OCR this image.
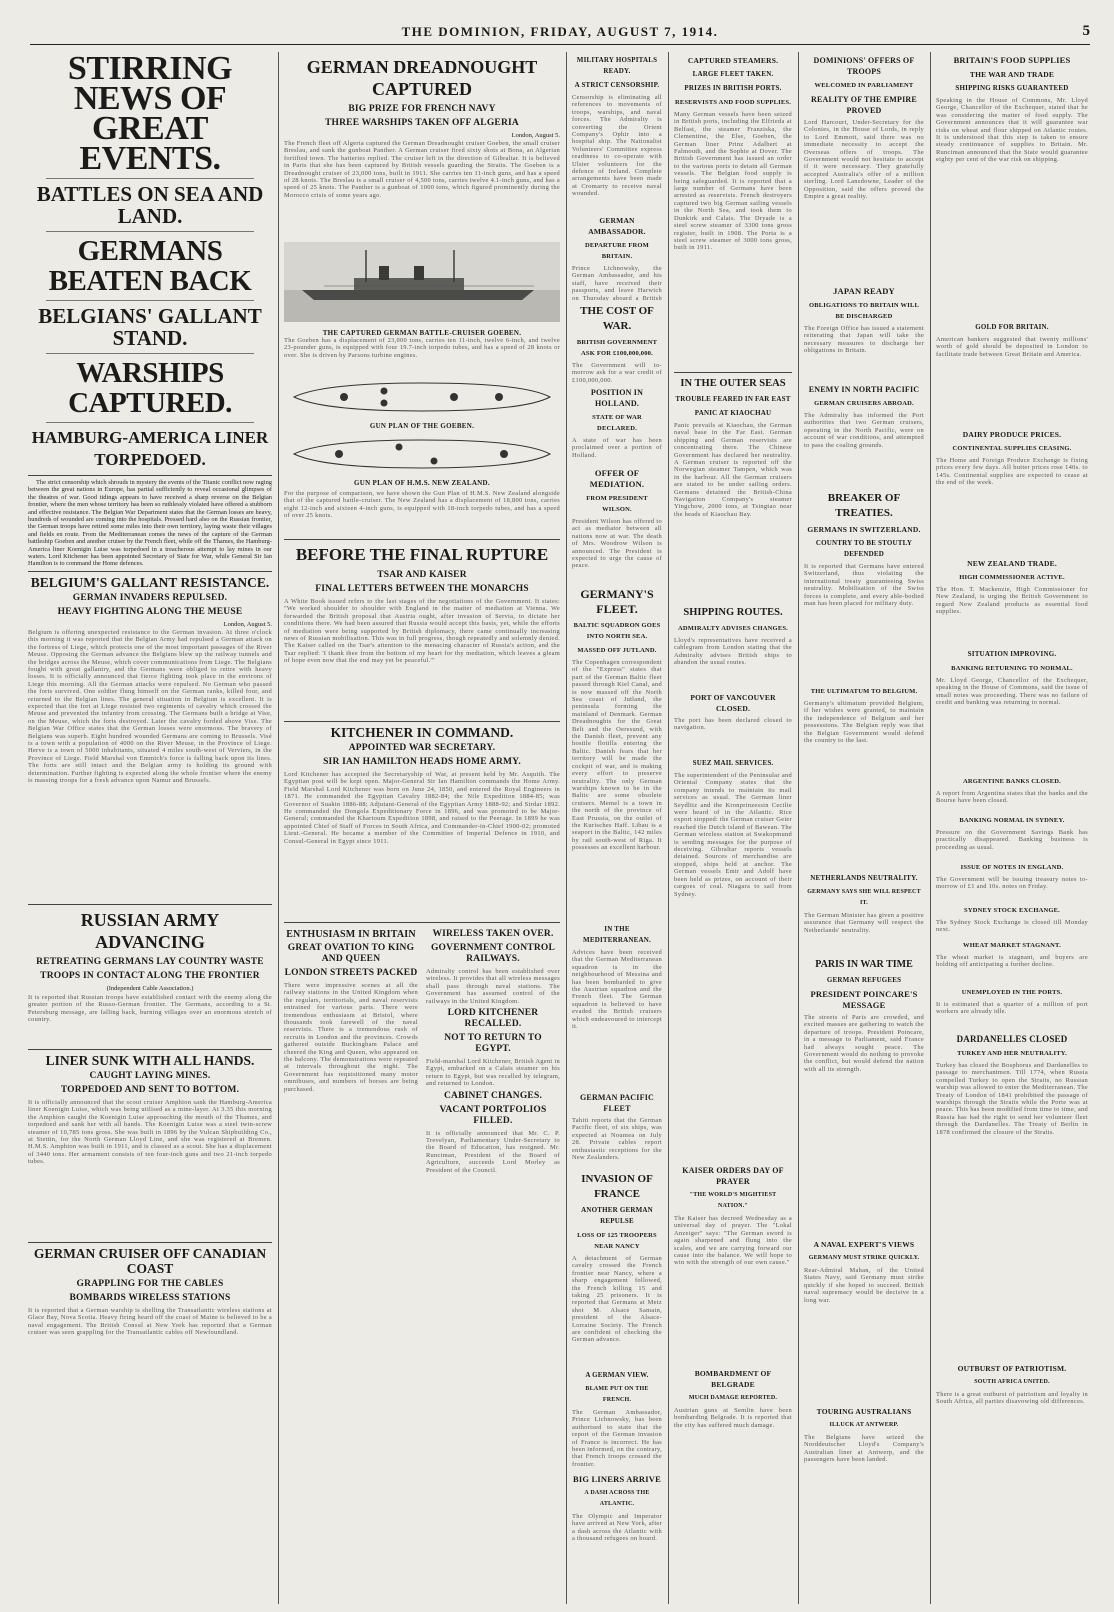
THE DOMINION, FRIDAY, AUGUST 7, 1914.	5
STIRRING NEWS OF GREAT EVENTS.
BATTLES ON SEA AND LAND.
GERMANS BEATEN BACK
BELGIANS' GALLANT STAND.
WARSHIPS CAPTURED.
HAMBURG-AMERICA LINER TORPEDOED.

The strict censorship which shrouds in mystery the events of the Titanic conflict now raging between the great nations in Europe, has partial sufficiently to reveal occasional glimpses of the theatres of war. Good tidings appears to have received a sharp reverse on the Belgian frontier, where the men whose territory has been so ruthlessly violated have offered a stubborn and effective resistance. The Belgian War Department states that the German losses are heavy, hundreds of wounded are coming into the hospitals. Pressed hard also on the Russian frontier, the German troops have retired some miles into their own territory, laying waste their villages and fields en route. From the Mediterranean comes the news of the capture of the German battleship Goeben and another cruiser by the French fleet, while off the Thames, the Hamburg-America liner Koenigin Luise was torpedoed in a treacherous attempt to lay mines in our waters. Lord Kitchener has been appointed Secretary of State for War, while General Sir Ian Hamilton is to command the Home defences.

BELGIUM'S GALLANT RESISTANCE.
GERMAN INVADERS REPULSED.
HEAVY FIGHTING ALONG THE MEUSE
London, August 5.
Belgium is offering unexpected resistance to the German invasion. At three o'clock this morning it was reported that the Belgian Army had repulsed a German attack on the fortress of Liege, which protects one of the most important passages of the River Meuse. Opposing the German advance the Belgians blew up the railway tunnels and the bridges across the Meuse, which cover communications from Liege. The Belgians fought with great gallantry, and the Germans were obliged to retire with heavy losses. It is officially announced that fierce fighting took place in the environs of Liege this morning. All the German attacks were repulsed. No German who passed the forts survived. One soldier flung himself on the German ranks, killed four, and returned to the Belgian lines. The general situation in Belgium is excellent. It is expected that the fort at Liege resisted two regiments of cavalry which crossed the Meuse and prevented the infantry from crossing. The Germans built a bridge at Vise, on the Meuse, which the forts destroyed. Later the cavalry forded above Vise. The Belgian War Office states that the German losses were enormous. The bravery of Belgians was superb. Eight hundred wounded Germans are coming to Brussels. Visé is a town with a population of 4000 on the River Meuse, in the Province of Liege. Herve is a town of 5000 inhabitants, situated 4 miles south-west of Verviers, in the Province of Liege. Field Marshal von Emmich's force is falling back upon its lines. The forts are still intact and the Belgian army is holding its ground with determination. Further fighting is expected along the whole frontier where the enemy is massing troops for a fresh advance upon Namur and Brussels.
RUSSIAN ARMY ADVANCING
RETREATING GERMANS LAY COUNTRY WASTE
TROOPS IN CONTACT ALONG THE FRONTIER
(Independent Cable Association.)
It is reported that Russian troops have established contact with the enemy along the greater portion of the Russo-German frontier. The Germans, according to a St. Petersburg message, are falling back, burning villages over an enormous stretch of country.
LINER SUNK WITH ALL HANDS.
CAUGHT LAYING MINES.
TORPEDOED AND SENT TO BOTTOM.
It is officially announced that the scout cruiser Amphion sank the Hamburg-America liner Koenigin Luise, which was being utilised as a mine-layer. At 3.35 this morning the Amphion caught the Koenigin Luise approaching the mouth of the Thames, and torpedoed and sank her with all hands. The Koenigin Luise was a steel twin-screw steamer of 10,785 tons gross. She was built in 1896 by the Vulcan Shipbuilding Co., at Stettin, for the North German Lloyd Line, and she was registered at Bremen. H.M.S. Amphion was built in 1911, and is classed as a scout. She has a displacement of 3440 tons. Her armament consists of ten four-inch guns and two 21-inch torpedo tubes.
GERMAN CRUISER OFF CANADIAN COAST
GRAPPLING FOR THE CABLES
BOMBARDS WIRELESS STATIONS
It is reported that a German warship is shelling the Transatlantic wireless stations at Glace Bay, Nova Scotia. Heavy firing heard off the coast of Maine is believed to be a naval engagement. The British Consul at New York has reported that a German cruiser was seen grappling for the Transatlantic cables off Newfoundland.
GERMAN DREADNOUGHT CAPTURED
BIG PRIZE FOR FRENCH NAVY
THREE WARSHIPS TAKEN OFF ALGERIA
London, August 5.
The French fleet off Algeria captured the German Dreadnought cruiser Goeben, the small cruiser Breslau, and sank the gunboat Panther. A German cruiser fired sixty shots at Bona, an Algerian fortified town. The batteries replied. The cruiser left in the direction of Gibraltar. It is believed in Paris that she has been captured by British vessels guarding the Straits. The Goeben is a Dreadnought cruiser of 23,000 tons, built in 1911. She carries ten 11-inch guns, and has a speed of 28 knots. The Breslau is a small cruiser of 4,500 tons, carries twelve 4.1-inch guns, and has a speed of 25 knots. The Panther is a gunboat of 1000 tons, which figured prominently during the Morocco crisis of some years ago.
THE CAPTURED GERMAN BATTLE-CRUISER GOEBEN.
The Goeben has a displacement of 23,000 tons, carries ten 11-inch, twelve 6-inch, and twelve 23-pounder guns, is equipped with four 19.7-inch torpedo tubes, and has a speed of 28 knots or over. She is driven by Parsons turbine engines.
GUN PLAN OF THE GOEBEN.
GUN PLAN OF H.M.S. NEW ZEALAND.
For the purpose of comparison, we have shown the Gun Plan of H.M.S. New Zealand alongside that of the captured battle-cruiser. The New Zealand has a displacement of 18,800 tons, carries eight 12-inch and sixteen 4-inch guns, is equipped with 18-inch torpedo tubes, and has a speed of over 25 knots.
BEFORE THE FINAL RUPTURE
TSAR AND KAISER
FINAL LETTERS BETWEEN THE MONARCHS
A White Book issued refers to the last stages of the negotiations of the Government. It states: "We worked shoulder to shoulder with England in the matter of mediation at Vienna. We forwarded the British proposal that Austria ought, after invasion of Servia, to dictate her conditions there. We had been assured that Russia would accept this basis, yet, while the efforts of mediation were being supported by British diplomacy, there came continually increasing news of Russian mobilisation. This was in full progress, though repeatedly and solemnly denied. The Kaiser called on the Tsar's attention to the menacing character of Russia's action, and the Tsar replied: 'I thank thee from the bottom of my heart for thy mediation, which leaves a gleam of hope even now that the end may yet be peaceful.'"
KITCHENER IN COMMAND.
APPOINTED WAR SECRETARY.
SIR IAN HAMILTON HEADS HOME ARMY.
Lord Kitchener has accepted the Secretaryship of War, at present held by Mr. Asquith. The Egyptian post will be kept open. Major-General Sir Ian Hamilton commands the Home Army. Field Marshal Lord Kitchener was born on June 24, 1850, and entered the Royal Engineers in 1871. He commanded the Egyptian Cavalry 1882-84; the Nile Expedition 1884-85; was Governor of Suakin 1886-88; Adjutant-General of the Egyptian Army 1888-92; and Sirdar 1892. He commanded the Dongola Expeditionary Force in 1896, and was promoted to be Major-General; commanded the Khartoum Expedition 1898, and raised to the Peerage. In 1899 he was appointed Chief of Staff of Forces in South Africa, and Commander-in-Chief 1900-02; promoted Lieut.-General. He became a member of the Committee of Imperial Defence in 1910, and Consul-General in Egypt since 1911.
ENTHUSIASM IN BRITAIN
GREAT OVATION TO KING AND QUEEN
LONDON STREETS PACKED
There were impressive scenes at all the railway stations in the United Kingdom when the regulars, territorials, and naval reservists entrained for various parts. There were tremendous enthusiasm at Bristol, where thousands took farewell of the naval reservists. There is a tremendous rush of recruits in London and the provinces. Crowds gathered outside Buckingham Palace and cheered the King and Queen, who appeared on the balcony. The demonstrations were repeated at intervals throughout the night. The Government has requisitioned many motor omnibuses, and numbers of horses are being purchased.
WIRELESS TAKEN OVER.
GOVERNMENT CONTROL RAILWAYS.
Admiralty control has been established over wireless. It provides that all wireless messages shall pass through naval stations. The Government has assumed control of the railways in the United Kingdom.
LORD KITCHENER RECALLED.
NOT TO RETURN TO EGYPT.
Field-marshal Lord Kitchener, British Agent in Egypt, embarked on a Calais steamer on his return to Egypt, but was recalled by telegram, and returned to London.
CABINET CHANGES.
VACANT PORTFOLIOS FILLED.
It is officially announced that Mr. C. P. Trevelyan, Parliamentary Under-Secretary to the Board of Education, has resigned. Mr. Runciman, President of the Board of Agriculture, succeeds Lord Morley as President of the Council.
MILITARY HOSPITALS READY.
A STRICT CENSORSHIP.
Censorship is eliminating all references to movements of troops, warships, and naval forces. The Admiralty is converting the Orient Company's Ophir into a hospital ship. The Nationalist Volunteers' Committee express readiness to co-operate with Ulster volunteers for the defence of Ireland. Complete arrangements have been made at Cromarty to receive naval wounded.
GERMAN AMBASSADOR.
DEPARTURE FROM BRITAIN.
Prince Lichnowsky, the German Ambassador, and his staff, have received their passports, and leave Harwich on Thursday aboard a British
THE COST OF WAR.
BRITISH GOVERNMENT ASK FOR £100,000,000.
The Government will to-morrow ask for a war credit of £100,000,000.
POSITION IN HOLLAND.
STATE OF WAR DECLARED.
A state of war has been proclaimed over a portion of Holland.
OFFER OF MEDIATION.
FROM PRESIDENT WILSON.
President Wilson has offered to act as mediator between all nations now at war. The death of Mrs. Woodrow Wilson is announced. The President is expected to urge the cause of peace.
GERMANY'S FLEET.
BALTIC SQUADRON GOES INTO NORTH SEA.
MASSED OFF JUTLAND.
The Copenhagen correspondent of the "Express" states that part of the German Baltic fleet passed through Kiel Canal, and is now massed off the North Sea coast of Jutland, the peninsula forming the mainland of Denmark. German Dreadnoughts for the Great Belt and the Oeresund, with the Danish fleet, prevent any hostile flotilla entering the Baltic. Danish fears that her territory will be made the cockpit of war, and is making every effort to preserve neutrality. The only German warships known to be in the Baltic are some obsolete cruisers. Memel is a town in the north of the province of East Prussia, on the outlet of the Kurisches Haff. Libau is a seaport in the Baltic, 142 miles by rail south-west of Riga. It possesses an excellent harbour.
IN THE MEDITERRANEAN.
Advices have been received that the German Mediterranean squadron is in the neighbourhood of Messina and has been bombarded to give the Austrian squadron and the French fleet. The German squadron is believed to have evaded the British cruisers which endeavoured to intercept it.
GERMAN PACIFIC FLEET
Tahiti reports that the German Pacific fleet, of six ships, was expected at Noumea on July 28. Private cables report enthusiastic receptions for the New Zealanders.
INVASION OF FRANCE
ANOTHER GERMAN REPULSE
LOSS OF 125 TROOPERS NEAR NANCY
A detachment of German cavalry crossed the French frontier near Nancy, where a sharp engagement followed, the French killing 15 and taking 25 prisoners. It is reported that Germans at Metz shot M. Alsace Samain, president of the Alsace-Lorraine Society. The French are confident of checking the German advance.
A GERMAN VIEW.
BLAME PUT ON THE FRENCH.
The German Ambassador, Prince Lichnowsky, has been authorised to state that the report of the German invasion of France is incorrect. He has been informed, on the contrary, that French troops crossed the frontier.
BIG LINERS ARRIVE
A DASH ACROSS THE ATLANTIC.
The Olympic and Imperator have arrived at New York, after a dash across the Atlantic with a thousand refugees on board.
CAPTURED STEAMERS.
LARGE FLEET TAKEN.
PRIZES IN BRITISH PORTS.
RESERVISTS AND FOOD SUPPLIES.
Many German vessels have been seized in British ports, including the Elfrieda at Belfast, the steamer Franziska, the Clementine, the Else, Goeben, the German liner Prinz Adalbert at Falmouth, and the Sophie at Dover. The British Government has issued an order to the various ports to detain all German vessels. The Belgian food supply is being safeguarded. It is reported that a large number of Germans have been arrested as reservists. French destroyers captured two big German sailing vessels in the North Sea, and took them to Dunkirk and Calais. The Dryade is a steel screw steamer of 3300 tons gross register, built in 1908. The Porta is a steel screw steamer of 3000 tons gross, built in 1911.
IN THE OUTER SEAS
TROUBLE FEARED IN FAR EAST
PANIC AT KIAOCHAU
Panic prevails at Kiaochau, the German naval base in the Far East. German shipping and German reservists are concentrating there. The Chinese Government has declared her neutrality. A German cruiser is reported off the Norwegian steamer Tampen, which was in the harbour. All the German cruisers are stated to be under sailing orders. Germans detained the British-China Navigation Company's steamer Yingchow, 2000 tons, at Tsingtao near the heads of Kiaochau Bay.
SHIPPING ROUTES.
ADMIRALTY ADVISES CHANGES.
Lloyd's representatives have received a cablegram from London stating that the Admiralty advises British ships to abandon the usual routes.
PORT OF VANCOUVER CLOSED.
The port has been declared closed to navigation.
SUEZ MAIL SERVICES.
The superintendent of the Peninsular and Oriental Company states that the company intends to maintain its mail services as usual. The German liner Seydlitz and the Kronprinzessin Cecilie were heard of in the Atlantic. Rice export stopped: the German cruiser Geier reached the Dutch island of Bawean. The German wireless station at Swakopmund is sending messages for the purpose of deceiving. Gibraltar reports vessels detained. Sources of merchandise are stopped, ships held at anchor. The German vessels Emir and Adolf have been held as prizes, on account of their cargoes of coal. Niagara to sail from Sydney.
KAISER ORDERS DAY OF PRAYER
"THE WORLD'S MIGHTIEST NATION."
The Kaiser has decreed Wednesday as a universal day of prayer. The "Lokal Anzeiger" says: "The German sword is again sharpened and flung into the scales, and we are carrying forward our cause into the balance. We will hope to win with the strength of our own cause."
BOMBARDMENT OF BELGRADE
MUCH DAMAGE REPORTED.
Austrian guns at Semlin have been bombarding Belgrade. It is reported that the city has suffered much damage.
DOMINIONS' OFFERS OF TROOPS
WELCOMED IN PARLIAMENT
REALITY OF THE EMPIRE PROVED
Lord Harcourt, Under-Secretary for the Colonies, in the House of Lords, in reply to Lord Emmott, said there was no immediate necessity to accept the Overseas offers of troops. The Government would not hesitate to accept if it were necessary. They gratefully accepted Australia's offer of a million sterling. Lord Lansdowne, Leader of the Opposition, said the offers proved the Empire a great reality.
JAPAN READY
OBLIGATIONS TO BRITAIN WILL BE DISCHARGED
The Foreign Office has issued a statement reiterating that Japan will take the necessary measures to discharge her obligations to Britain.
ENEMY IN NORTH PACIFIC
GERMAN CRUISERS ABROAD.
The Admiralty has informed the Port authorities that two German cruisers, operating in the North Pacific, were on account of war conditions, and attempted to pass the coaling grounds.
BREAKER OF TREATIES.
GERMANS IN SWITZERLAND.
COUNTRY TO BE STOUTLY DEFENDED
It is reported that Germans have entered Switzerland, thus violating the international treaty guaranteeing Swiss neutrality. Mobilisation of the Swiss forces is complete, and every able-bodied man has been placed for military duty.
THE ULTIMATUM TO BELGIUM.
Germany's ultimatum provided Belgium, if her wishes were granted, to maintain the independence of Belgium and her possessions. The Belgian reply was that the Belgian Government would defend the country to the last.
NETHERLANDS NEUTRALITY.
GERMANY SAYS SHE WILL RESPECT IT.
The German Minister has given a positive assurance that Germany will respect the Netherlands' neutrality.
PARIS IN WAR TIME
GERMAN REFUGEES
PRESIDENT POINCARE'S MESSAGE
The streets of Paris are crowded, and excited masses are gathering to watch the departure of troops. President Poincare, in a message to Parliament, said France had always sought peace. The Government would do nothing to provoke the conflict, but would defend the nation with all its strength.
A NAVAL EXPERT'S VIEWS
GERMANY MUST STRIKE QUICKLY.
Rear-Admiral Mahan, of the United States Navy, said Germany must strike quickly if she hoped to succeed. British naval supremacy would be decisive in a long war.
TOURING AUSTRALIANS
ILLUCK AT ANTWERP.
The Belgians have seized the Norddeutscher Lloyd's Company's Australian liner at Antwerp, and the passengers have been landed.
BRITAIN'S FOOD SUPPLIES
THE WAR AND TRADE
SHIPPING RISKS GUARANTEED
Speaking in the House of Commons, Mr. Lloyd George, Chancellor of the Exchequer, stated that he was considering the matter of food supply. The Government announces that it will guarantee war risks on wheat and flour shipped on Atlantic routes. It is understood that this step is taken to ensure steady continuance of supplies to Britain. Mr. Runciman announced that the State would guarantee eighty per cent of the war risk on shipping.
GOLD FOR BRITAIN.
American bankers suggested that twenty millions' worth of gold should be deposited in London to facilitate trade between Great Britain and America.
DAIRY PRODUCE PRICES.
CONTINENTAL SUPPLIES CEASING.
The Home and Foreign Produce Exchange is fixing prices every few days. All butter prices rose 140s. to 145s. Continental supplies are expected to cease at the end of the week.
NEW ZEALAND TRADE.
HIGH COMMISSIONER ACTIVE.
The Hon. T. Mackenzie, High Commissioner for New Zealand, is urging the British Government to regard New Zealand products as essential food supplies.
SITUATION IMPROVING.
BANKING RETURNING TO NORMAL.
Mr. Lloyd George, Chancellor of the Exchequer, speaking in the House of Commons, said the issue of small notes was proceeding. There was no failure of credit and banking was returning to normal.
ARGENTINE BANKS CLOSED.
A report from Argentina states that the banks and the Bourse have been closed.
BANKING NORMAL IN SYDNEY.
Pressure on the Government Savings Bank has practically disappeared. Banking business is proceeding as usual.
ISSUE OF NOTES IN ENGLAND.
The Government will be issuing treasury notes to-morrow of £1 and 10s. notes on Friday.
SYDNEY STOCK EXCHANGE.
The Sydney Stock Exchange is closed till Monday next.
WHEAT MARKET STAGNANT.
The wheat market is stagnant, and buyers are holding off anticipating a further decline.
UNEMPLOYED IN THE PORTS.
It is estimated that a quarter of a million of port workers are already idle.
DARDANELLES CLOSED
TURKEY AND HER NEUTRALITY.
Turkey has closed the Bosphorus and Dardanelles to passage to merchantmen. Till 1774, when Russia compelled Turkey to open the Straits, no Russian warship was allowed to enter the Mediterranean. The Treaty of London of 1841 prohibited the passage of warships through the Straits while the Porte was at peace. This has been modified from time to time, and Russia has had the right to send her volunteer fleet through the Dardanelles. The Treaty of Berlin in 1878 confirmed the closure of the Straits.
OUTBURST OF PATRIOTISM.
SOUTH AFRICA UNITED.
There is a great outburst of patriotism and loyalty in South Africa, all parties disavowing old differences.
